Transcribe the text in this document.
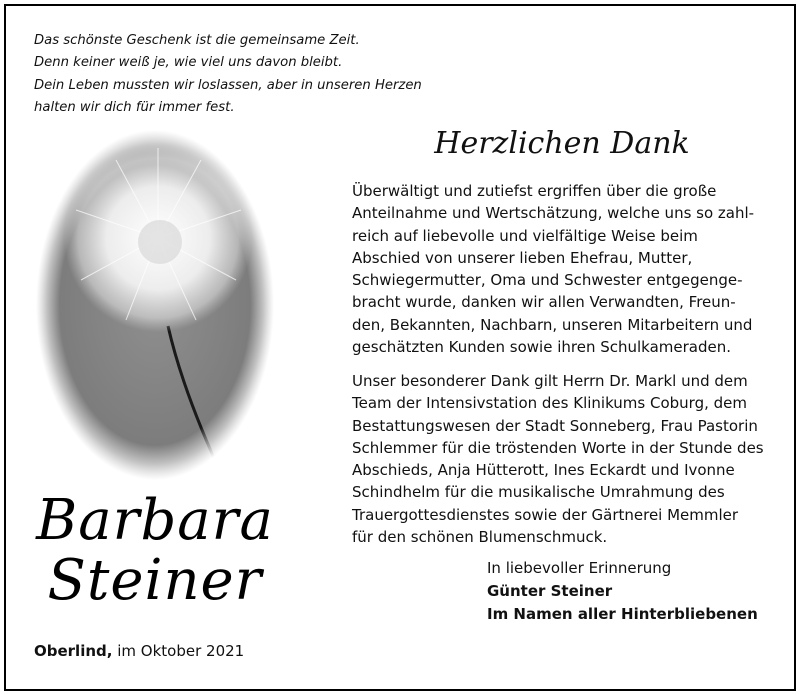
Das schönste Geschenk ist die gemeinsame Zeit.
Denn keiner weiß je, wie viel uns davon bleibt.
Dein Leben mussten wir loslassen, aber in unseren Herzen
halten wir dich für immer fest.
Barbara
Steiner
Oberlind, im Oktober 2021
Herzlichen Dank
Überwältigt und zutiefst ergriffen über die große
Anteilnahme und Wertschätzung, welche uns so zahl-
reich auf liebevolle und vielfältige Weise beim
Abschied von unserer lieben Ehefrau, Mutter,
Schwiegermutter, Oma und Schwester entgegenge-
bracht wurde, danken wir allen Verwandten, Freun-
den, Bekannten, Nachbarn, unseren Mitarbeitern und
geschätzten Kunden sowie ihren Schulkameraden.
Unser besonderer Dank gilt Herrn Dr. Markl und dem
Team der Intensivstation des Klinikums Coburg, dem
Bestattungswesen der Stadt Sonneberg, Frau Pastorin
Schlemmer für die tröstenden Worte in der Stunde des
Abschieds, Anja Hütterott, Ines Eckardt und Ivonne
Schindhelm für die musikalische Umrahmung des
Trauergottesdienstes sowie der Gärtnerei Memmler
für den schönen Blumenschmuck.
In liebevoller Erinnerung
Günter Steiner
Im Namen aller Hinterbliebenen
